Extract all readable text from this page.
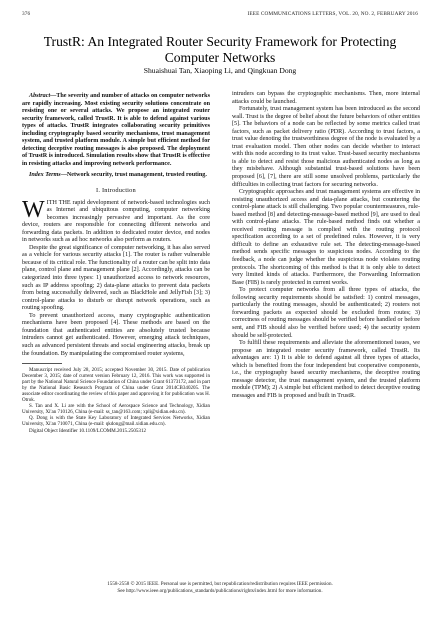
376	IEEE COMMUNICATIONS LETTERS, VOL. 20, NO. 2, FEBRUARY 2016
TrustR: An Integrated Router Security Framework for Protecting Computer Networks
Shuaishuai Tan, Xiaoping Li, and Qingkuan Dong

Abstract—The severity and number of attacks on computer networks are rapidly increasing. Most existing security solutions concentrate on resisting one or several attacks. We propose an integrated router security framework, called TrustR. It is able to defend against various types of attacks. TrustR integrates collaborating security primitives including cryptography based security mechanisms, trust management system, and trusted platform module. A simple but efficient method for detecting deceptive routing messages is also proposed. The deployment of TrustR is introduced. Simulation results show that TrustR is effective in resisting attacks and improving network performance.

Index Terms—Network security, trust management, trusted routing.

I. Introduction

WITH THE rapid development of network-based technologies such as Internet and ubiquitous computing, computer networking becomes increasingly pervasive and important. As the core device, routers are responsible for connecting different networks and forwarding data packets. In addition to dedicated router device, end nodes in networks such as ad hoc networks also perform as routers.

Despite the great significance of computer networking, it has also served as a vehicle for various security attacks [1]. The router is rather vulnerable because of its critical role. The functionality of a router can be split into data plane, control plane and management plane [2]. Accordingly, attacks can be categorized into three types: 1) unauthorized access to network resources, such as IP address spoofing; 2) data-plane attacks to prevent data packets from being successfully delivered, such as BlackHole and JellyFish [3]; 3) control-plane attacks to disturb or disrupt network operations, such as routing spoofing.

To prevent unauthorized access, many cryptographic authentication mechanisms have been proposed [4]. These methods are based on the foundation that authenticated entities are absolutely trusted because intruders cannot get authenticated. However, emerging attack techniques, such as advanced persistent threats and social engineering attacks, break up the foundation. By manipulating the compromised router systems,

Manuscript received July 28, 2015; accepted November 30, 2015. Date of publication December 3, 2015; date of current version February 12, 2016. This work was supported in part by the National Natural Science Foundation of China under Grant 61373172, and in part by the National Basic Research Program of China under Grant 2014CB340205. The associate editor coordinating the review of this paper and approving it for publication was H. Otrok.

S. Tan and X. Li are with the School of Aerospace Science and Technology, Xidian University, Xi'an 710126, China (e-mail: ss_tan@163.com; xpli@xidian.edu.cn).

Q. Dong is with the State Key Laboratory of Integrated Services Networks, Xidian University, Xi'an 710071, China (e-mail: qkdong@mail.xidian.edu.cn).

Digital Object Identifier 10.1109/LCOMM.2015.2505312

intruders can bypass the cryptographic mechanisms. Then, more internal attacks could be launched.

Fortunately, trust management system has been introduced as the second wall. Trust is the degree of belief about the future behaviors of other entities [5]. The behaviors of a node can be reflected by some metrics called trust factors, such as packet delivery ratio (PDR). According to trust factors, a trust value denoting the trustworthiness degree of the node is evaluated by a trust evaluation model. Then other nodes can decide whether to interact with this node according to its trust value. Trust-based security mechanisms is able to detect and resist those malicious authenticated nodes as long as they misbehave. Although substantial trust-based solutions have been proposed [6], [7], there are still some unsolved problems, particularly the difficulties in collecting trust factors for securing networks.

Cryptographic approaches and trust management systems are effective in resisting unauthorized access and data-plane attacks, but countering the control-plane attack is still challenging. Two popular countermeasures, rule-based method [8] and detecting-message-based method [9], are used to deal with control-plane attacks. The rule-based method finds out whether a received routing message is complied with the routing protocol specification according to a set of predefined rules. However, it is very difficult to define an exhaustive rule set. The detecting-message-based method sends specific messages to suspicious nodes. According to the feedback, a node can judge whether the suspicious node violates routing protocols. The shortcoming of this method is that it is only able to detect very limited kinds of attacks. Furthermore, the Forwarding Information Base (FIB) is rarely protected in current works.

To protect computer networks from all three types of attacks, the following security requirements should be satisfied: 1) control messages, particularly the routing messages, should be authenticated; 2) routers not forwarding packets as expected should be excluded from routes; 3) correctness of routing messages should be verified before handled or before sent, and FIB should also be verified before used; 4) the security system should be self-protected.

To fulfill these requirements and alleviate the aforementioned issues, we propose an integrated router security framework, called TrustR. Its advantages are: 1) It is able to defend against all three types of attacks, which is benefited from the four independent but cooperative components, i.e., the cryptography based security mechanisms, the deceptive routing message detector, the trust management system, and the trusted platform module (TPM); 2) A simple but efficient method to detect deceptive routing messages and FIB is proposed and built in TrustR.

1558-2558 © 2015 IEEE. Personal use is permitted, but republication/redistribution requires IEEE permission.
See http://www.ieee.org/publications_standards/publications/rights/index.html for more information.
